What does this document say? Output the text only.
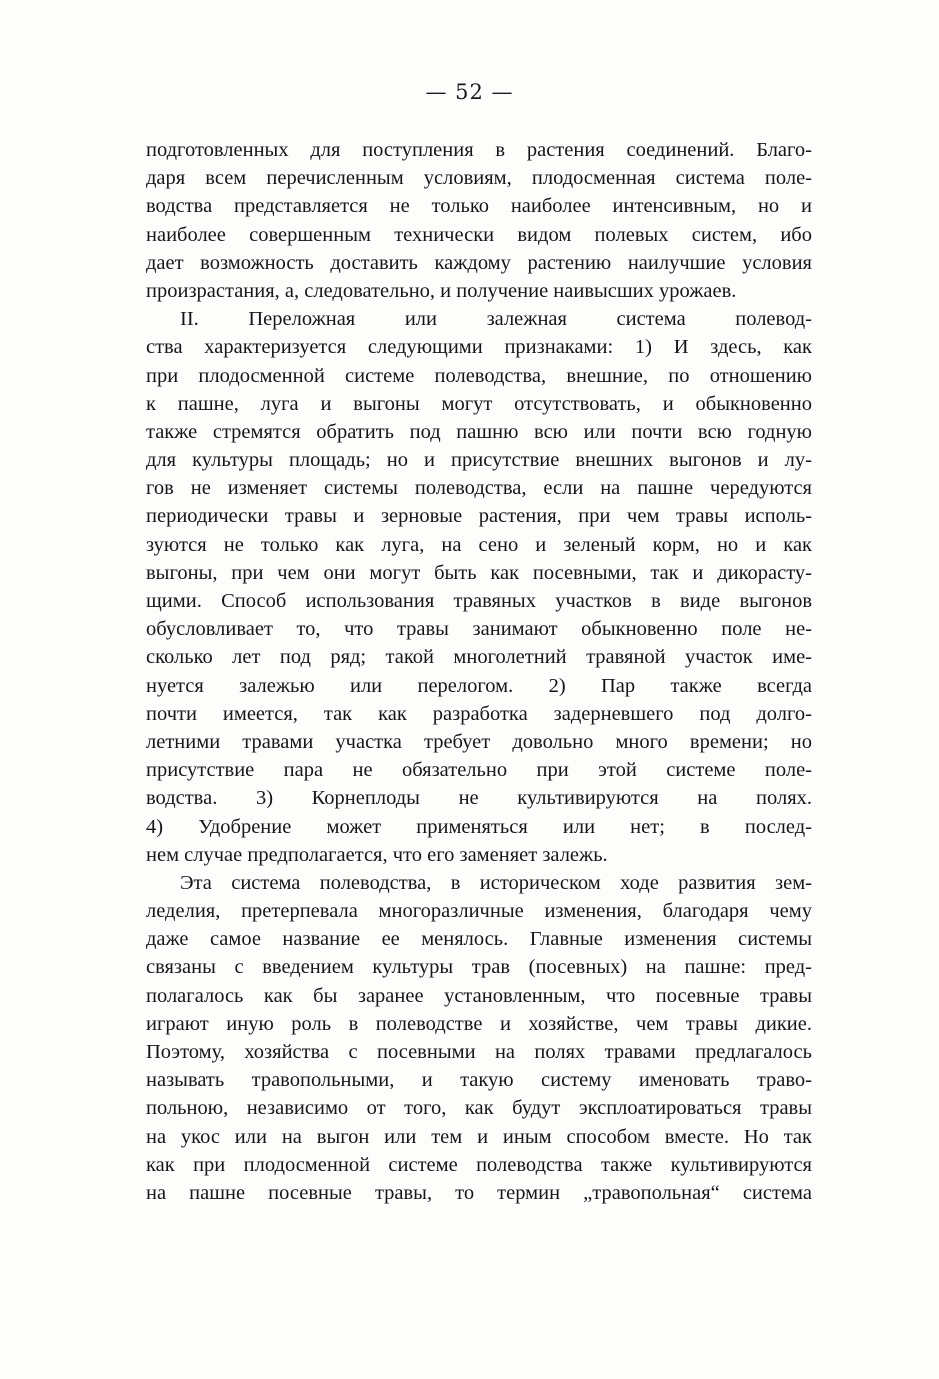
— 52 —
подготовленных для поступления в растения соединений. Благо-
даря всем перечисленным условиям, плодосменная система поле-
водства представляется не только наиболее интенсивным, но и
наиболее совершенным технически видом полевых систем, ибо
дает возможность доставить каждому растению наилучшие условия
произрастания, а, следовательно, и получение наивысших урожаев.
II. Переложная или залежная система полевод-
ства характеризуется следующими признаками: 1) И здесь, как
при плодосменной системе полеводства, внешние, по отношению
к пашне, луга и выгоны могут отсутствовать, и обыкновенно
также стремятся обратить под пашню всю или почти всю годную
для культуры площадь; но и присутствие внешних выгонов и лу-
гов не изменяет системы полеводства, если на пашне чередуются
периодически травы и зерновые растения, при чем травы исполь-
зуются не только как луга, на сено и зеленый корм, но и как
выгоны, при чем они могут быть как посевными, так и дикорасту-
щими. Способ использования травяных участков в виде выгонов
обусловливает то, что травы занимают обыкновенно поле не-
сколько лет под ряд; такой многолетний травяной участок име-
нуется залежью или перелогом. 2) Пар также всегда
почти имеется, так как разработка задерневшего под долго-
летними травами участка требует довольно много времени; но
присутствие пара не обязательно при этой системе поле-
водства. 3) Корнеплоды не культивируются на полях.
4) Удобрение может применяться или нет; в послед-
нем случае предполагается, что его заменяет залежь.
Эта система полеводства, в историческом ходе развития зем-
леделия, претерпевала многоразличные изменения, благодаря чему
даже самое название ее менялось. Главные изменения системы
связаны с введением культуры трав (посевных) на пашне: пред-
полагалось как бы заранее установленным, что посевные травы
играют иную роль в полеводстве и хозяйстве, чем травы дикие.
Поэтому, хозяйства с посевными на полях травами предлагалось
называть травопольными, и такую систему именовать траво-
польною, независимо от того, как будут эксплоатироваться травы
на укос или на выгон или тем и иным способом вместе. Но так
как при плодосменной системе полеводства также культивируются
на пашне посевные травы, то термин „травопольная“ система
